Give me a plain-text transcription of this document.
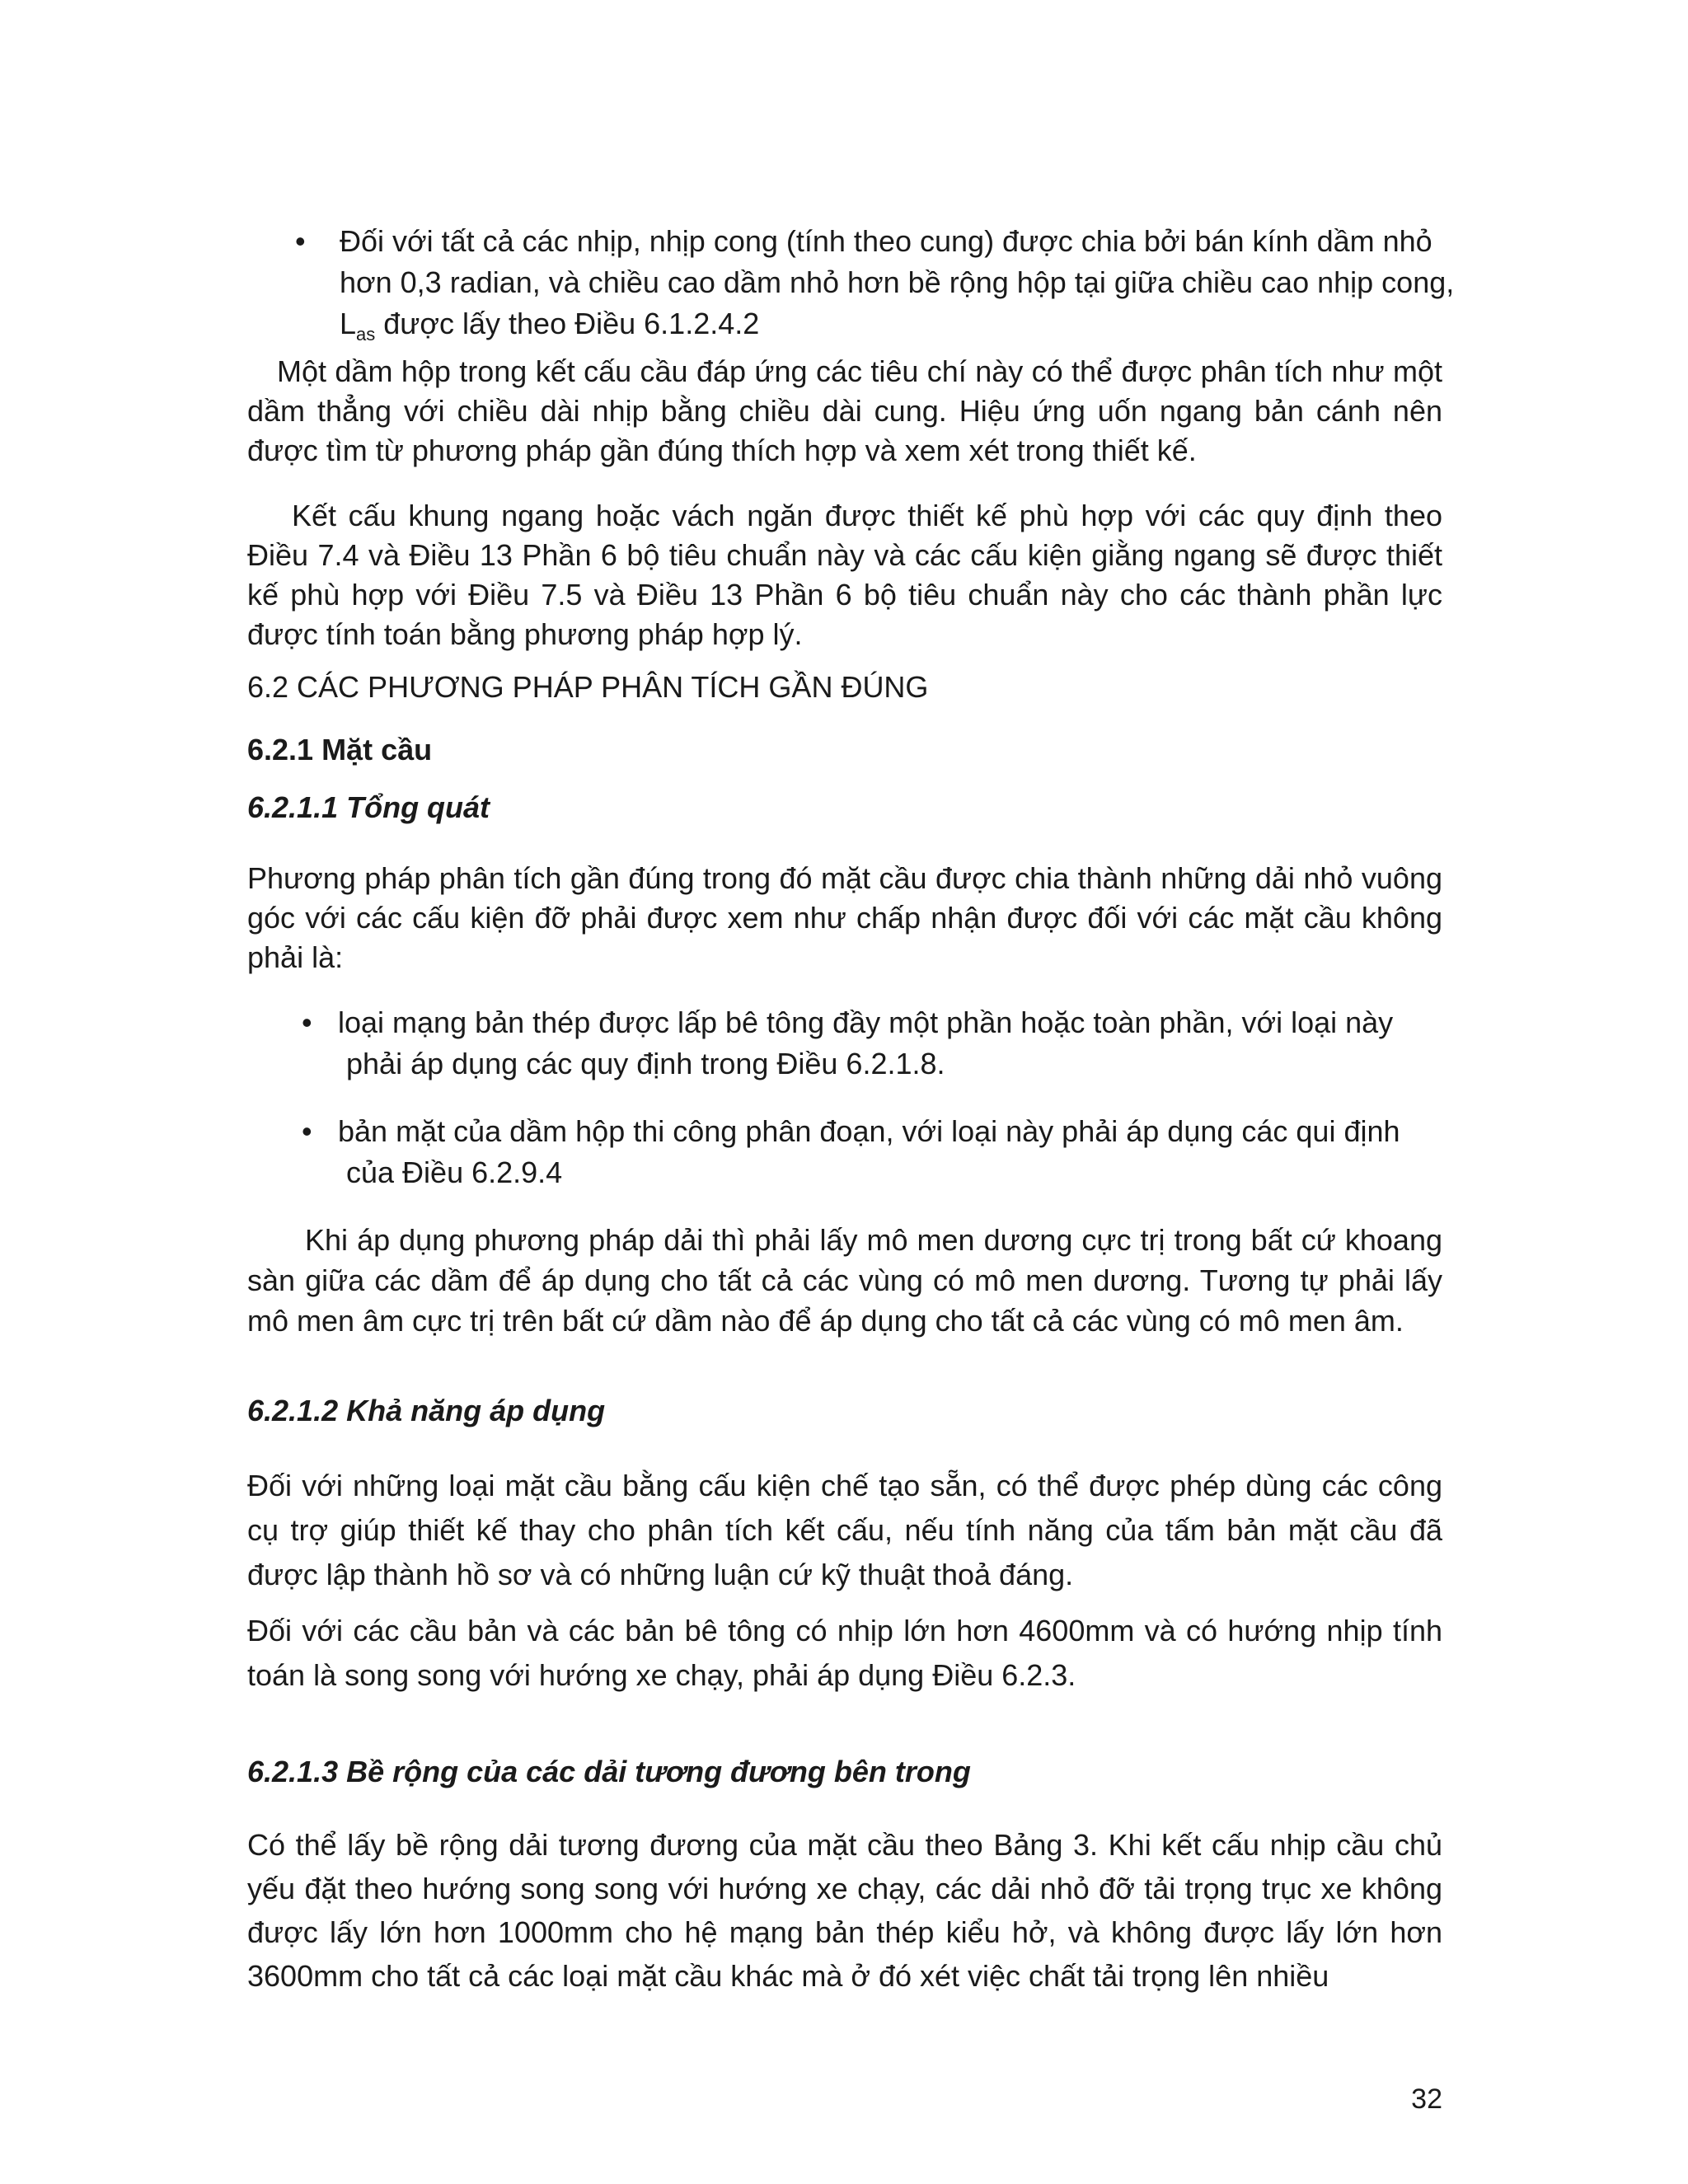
• Đối với tất cả các nhịp, nhịp cong (tính theo cung) được chia bởi bán kính dầm nhỏ
hơn 0,3 radian, và chiều cao dầm nhỏ hơn bề rộng hộp tại giữa chiều cao nhịp cong,
$L_{as}$ được lấy theo Điều 6.1.2.4.2

Một dầm hộp trong kết cấu cầu đáp ứng các tiêu chí này có thể được phân tích như một dầm thẳng với chiều dài nhịp bằng chiều dài cung. Hiệu ứng uốn ngang bản cánh nên được tìm từ phương pháp gần đúng thích hợp và xem xét trong thiết kế.

Kết cấu khung ngang hoặc vách ngăn được thiết kế phù hợp với các quy định theo Điều 7.4 và Điều 13 Phần 6 bộ tiêu chuẩn này và các cấu kiện giằng ngang sẽ được thiết kế phù hợp với Điều 7.5 và Điều 13 Phần 6 bộ tiêu chuẩn này cho các thành phần lực được tính toán bằng phương pháp hợp lý.

6.2 CÁC PHƯƠNG PHÁP PHÂN TÍCH GẦN ĐÚNG

6.2.1 Mặt cầu

6.2.1.1 Tổng quát

Phương pháp phân tích gần đúng trong đó mặt cầu được chia thành những dải nhỏ vuông góc với các cấu kiện đỡ phải được xem như chấp nhận được đối với các mặt cầu không phải là:

• loại mạng bản thép được lấp bê tông đầy một phần hoặc toàn phần, với loại này
phải áp dụng các quy định trong Điều 6.2.1.8.
• bản mặt của dầm hộp thi công phân đoạn, với loại này phải áp dụng các qui định
của Điều 6.2.9.4

Khi áp dụng phương pháp dải thì phải lấy mô men dương cực trị trong bất cứ khoang sàn giữa các dầm để áp dụng cho tất cả các vùng có mô men dương. Tương tự phải lấy mô men âm cực trị trên bất cứ dầm nào để áp dụng cho tất cả các vùng có mô men âm.

6.2.1.2 Khả năng áp dụng

Đối với những loại mặt cầu bằng cấu kiện chế tạo sẵn, có thể được phép dùng các công cụ trợ giúp thiết kế thay cho phân tích kết cấu, nếu tính năng của tấm bản mặt cầu đã được lập thành hồ sơ và có những luận cứ kỹ thuật thoả đáng.

Đối với các cầu bản và các bản bê tông có nhịp lớn hơn 4600mm và có hướng nhịp tính toán là song song với hướng xe chạy, phải áp dụng Điều 6.2.3.

6.2.1.3 Bề rộng của các dải tương đương bên trong

Có thể lấy bề rộng dải tương đương của mặt cầu theo Bảng 3. Khi kết cấu nhịp cầu chủ yếu đặt theo hướng song song với hướng xe chạy, các dải nhỏ đỡ tải trọng trục xe không được lấy lớn hơn 1000mm cho hệ mạng bản thép kiểu hở, và không được lấy lớn hơn 3600mm cho tất cả các loại mặt cầu khác mà ở đó xét việc chất tải trọng lên nhiều

32
